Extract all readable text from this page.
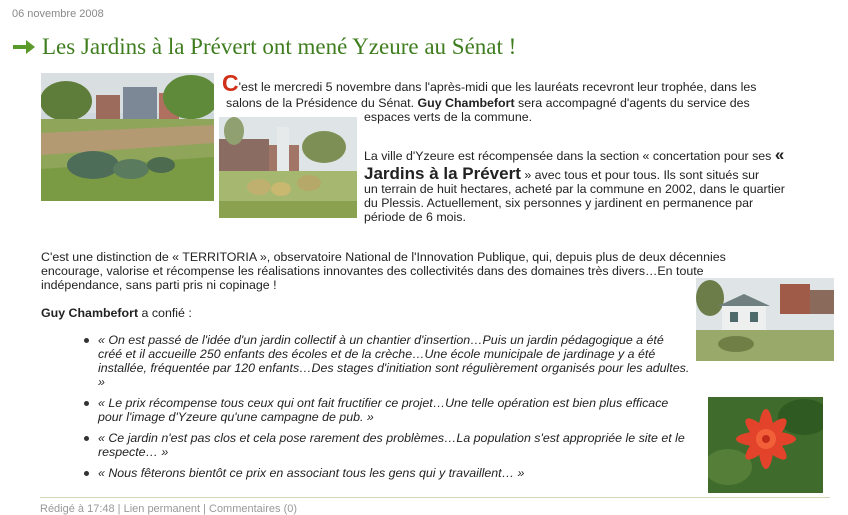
06 novembre 2008
Les Jardins à la Prévert ont mené Yzeure au Sénat !
C'est le mercredi 5 novembre dans l'après-midi que les lauréats recevront leur trophée, dans les
salons de la Présidence du Sénat. Guy Chambefort sera accompagné d'agents du service des
espaces verts de la commune.
La ville d'Yzeure est récompensée dans la section « concertation pour ses «
Jardins à la Prévert » avec tous et pour tous. Ils sont situés sur
un terrain de huit hectares, acheté par la commune en 2002, dans le quartier
du Plessis. Actuellement, six personnes y jardinent en permanence par
période de 6 mois.
C'est une distinction de « TERRITORIA », observatoire National de l'Innovation Publique, qui, depuis plus de deux décennies
encourage, valorise et récompense les réalisations innovantes des collectivités dans des domaines très divers…En toute
indépendance, sans parti pris ni copinage !
Guy Chambefort a confié :
« On est passé de l'idée d'un jardin collectif à un chantier d'insertion…Puis un jardin pédagogique a été créé et il accueille 250 enfants des écoles et de la crèche…Une école municipale de jardinage y a été installée, fréquentée par 120 enfants…Des stages d'initiation sont régulièrement organisés pour les adultes. »
« Le prix récompense tous ceux qui ont fait fructifier ce projet…Une telle opération est bien plus efficace pour l'image d'Yzeure qu'une campagne de pub. »
« Ce jardin n'est pas clos et cela pose rarement des problèmes…La population s'est appropriée le site et le respecte… »
« Nous fêterons bientôt ce prix en associant tous les gens qui y travaillent… »
Rédigé à 17:48 | Lien permanent | Commentaires (0)
